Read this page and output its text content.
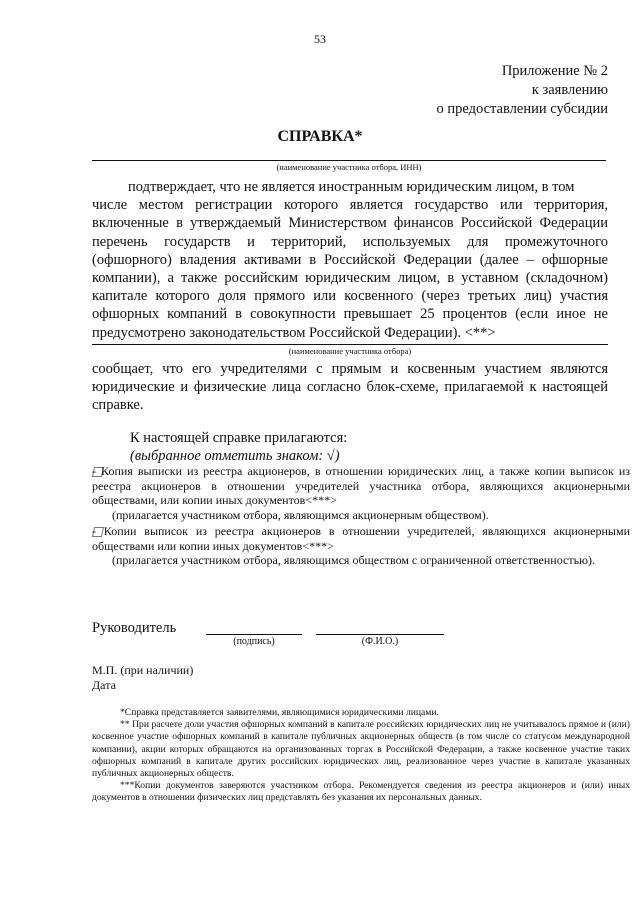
53
Приложение № 2
к заявлению
о предоставлении субсидии
СПРАВКА*
(наименование участника отбора, ИНН)
подтверждает, что не является иностранным юридическим лицом, в том
числе местом регистрации которого является государство или территория, включенные в утверждаемый Министерством финансов Российской Федерации перечень государств и территорий, используемых для промежуточного (офшорного) владения активами в Российской Федерации (далее – офшорные компании), а также российским юридическим лицом, в уставном (складочном) капитале которого доля прямого или косвенного (через третьих лиц) участия офшорных компаний в совокупности превышает 25 процентов (если иное не предусмотрено законодательством Российской Федерации). <**>
(наименование участника отбора)
сообщает, что его учредителями с прямым и косвенным участием являются юридические и физические лица согласно блок-схеме, прилагаемой к настоящей справке.
К настоящей справке прилагаются:
(выбранное отметить знаком: √)
- Копия выписки из реестра акционеров, в отношении юридических лиц, а также копии выписок из реестра акционеров в отношении учредителей участника отбора, являющихся акционерными обществами, или копии иных документов<***>
(прилагается участником отбора, являющимся акционерным обществом).
- Копии выписок из реестра акционеров в отношении учредителей, являющихся акционерными обществами или копии иных документов<***>
(прилагается участником отбора, являющимся обществом с ограниченной ответственностью).
Руководитель
(подпись)	(Ф.И.О.)
М.П. (при наличии)
Дата

*Справка представляется заявителями, являющимися юридическими лицами.

** При расчете доли участия офшорных компаний в капитале российских юридических лиц не учитывалось прямое и (или) косвенное участие офшорных компаний в капитале публичных акционерных обществ (в том числе со статусом международной компании), акции которых обращаются на организованных торгах в Российской Федерации, а также косвенное участие таких офшорных компаний в капитале других российских юридических лиц, реализованное через участие в капитале указанных публичных акционерных обществ.

***Копии документов заверяются участником отбора. Рекомендуется сведения из реестра акционеров и (или) иных документов в отношении физических лиц представлять без указания их персональных данных.
